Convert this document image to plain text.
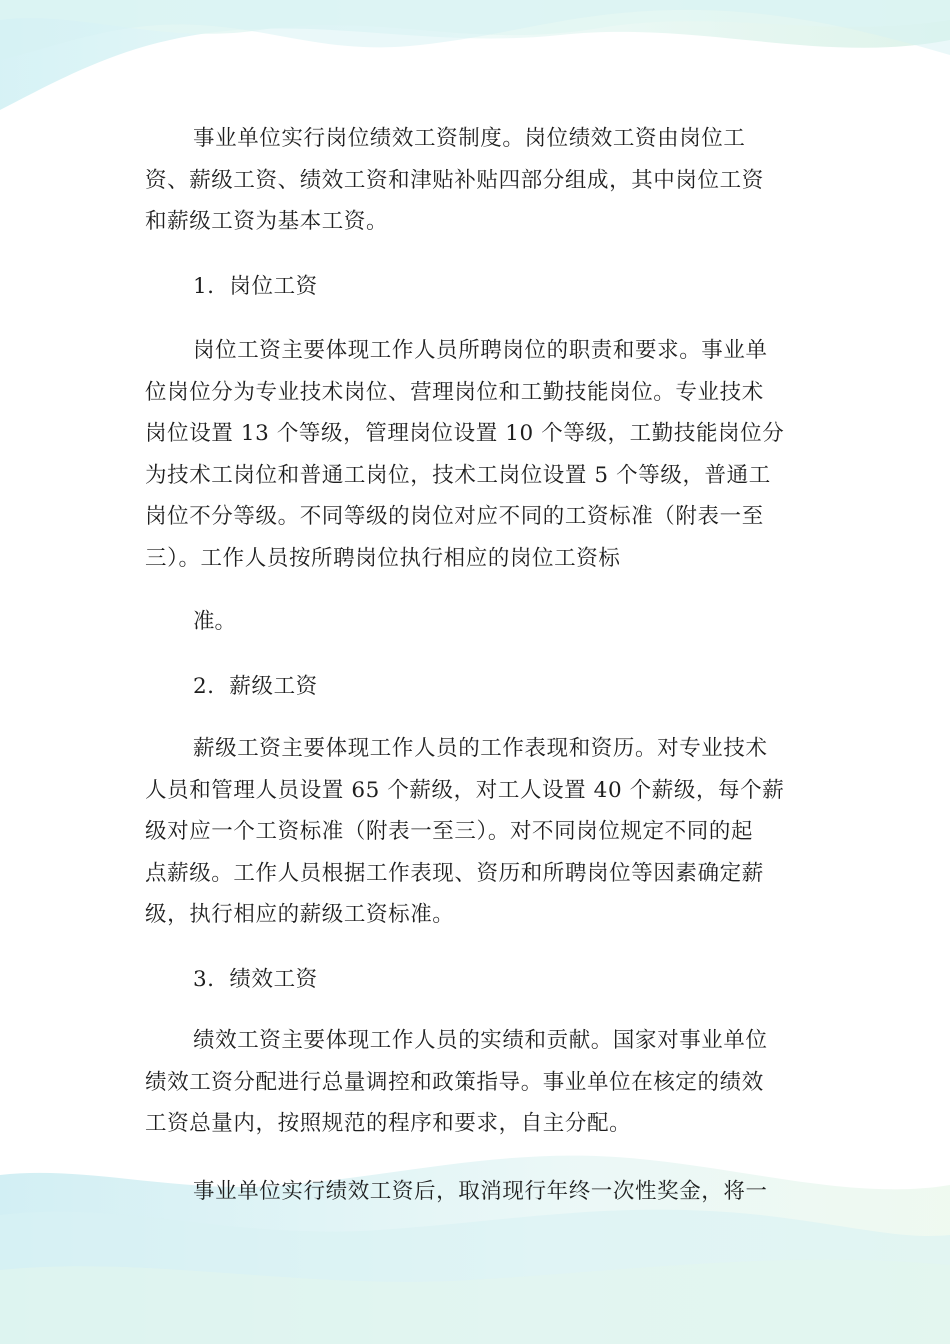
事业单位实行岗位绩效工资制度。岗位绩效工资由岗位工
资、薪级工资、绩效工资和津贴补贴四部分组成，其中岗位工资
和薪级工资为基本工资。

1．岗位工资

岗位工资主要体现工作人员所聘岗位的职责和要求。事业单
位岗位分为专业技术岗位、营理岗位和工勤技能岗位。专业技术
岗位设置 13 个等级，管理岗位设置 10 个等级，工勤技能岗位分
为技术工岗位和普通工岗位，技术工岗位设置 5 个等级，普通工
岗位不分等级。不同等级的岗位对应不同的工资标准（附表一至
三）。工作人员按所聘岗位执行相应的岗位工资标

准。

2．薪级工资

薪级工资主要体现工作人员的工作表现和资历。对专业技术
人员和管理人员设置 65 个薪级，对工人设置 40 个薪级，每个薪
级对应一个工资标准（附表一至三）。对不同岗位规定不同的起
点薪级。工作人员根据工作表现、资历和所聘岗位等因素确定薪
级，执行相应的薪级工资标准。

3．绩效工资

绩效工资主要体现工作人员的实绩和贡献。国家对事业单位
绩效工资分配进行总量调控和政策指导。事业单位在核定的绩效
工资总量内，按照规范的程序和要求，自主分配。

事业单位实行绩效工资后，取消现行年终一次性奖金，将一
